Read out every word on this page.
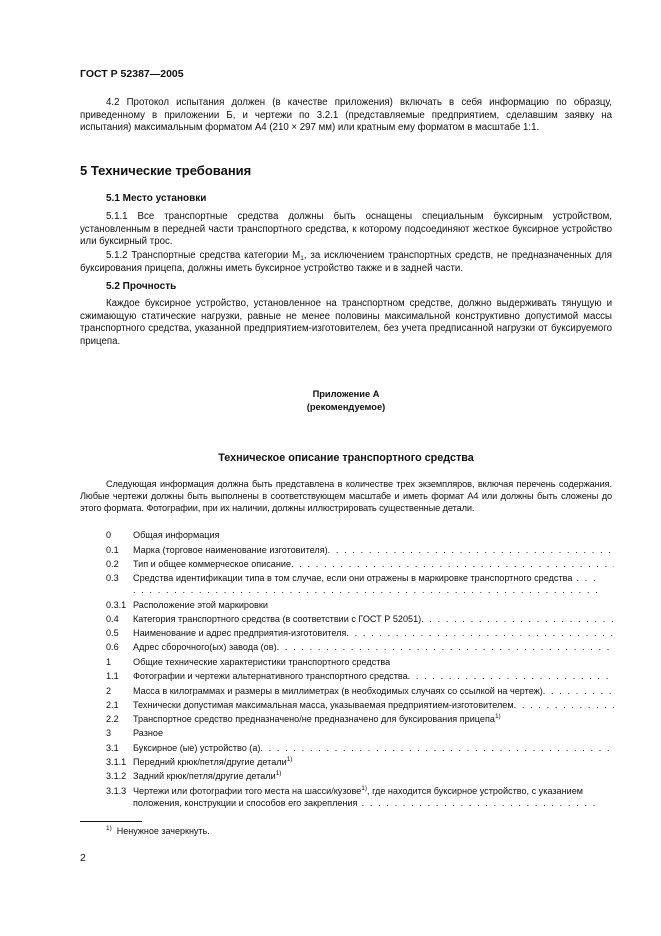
ГОСТ Р 52387—2005
4.2 Протокол испытания должен (в качестве приложения) включать в себя информацию по образцу, приведенному в приложении Б, и чертежи по 3.2.1 (представляемые предприятием, сделавшим заявку на испытания) максимальным форматом А4 (210 × 297 мм) или кратным ему форматом в масштабе 1:1.
5 Технические требования
5.1 Место установки
5.1.1 Все транспортные средства должны быть оснащены специальным буксирным устройством, установленным в передней части транспортного средства, к которому подсоединяют жесткое буксирное устройство или буксирный трос.
5.1.2 Транспортные средства категории $М_1$, за исключением транспортных средств, не предназначенных для буксирования прицепа, должны иметь буксирное устройство также и в задней части.
5.2 Прочность
Каждое буксирное устройство, установленное на транспортном средстве, должно выдерживать тянущую и сжимающую статические нагрузки, равные не менее половины максимальной конструктивно допустимой массы транспортного средства, указанной предприятием-изготовителем, без учета предписанной нагрузки от буксируемого прицепа.
Приложение А
(рекомендуемое)
Техническое описание транспортного средства
Следующая информация должна быть представлена в количестве трех экземпляров, включая перечень содержания. Любые чертежи должны быть выполнены в соответствующем масштабе и иметь формат А4 или должны быть сложены до этого формата. Фотографии, при их наличии, должны иллюстрировать существенные детали.
0 Общая информация
0.1 Марка (торговое наименование изготовителя)
. . .
0.2 Тип и общее коммерческое описание
. . .
0.3 Средства идентификации типа в том случае, если они отражены в маркировке транспортного средства . . . . . . . . . . . . . . . . . . . . . . . . . . . . . . . . . . . . . . . . . . . . . . . . . . . . . . . . . . . .
0.3.1 Расположение этой маркировки
0.4 Категория транспортного средства (в соответствии с ГОСТ Р 52051)
. . .
0.5 Наименование и адрес предприятия-изготовителя
. . .
0.6 Адрес сборочного(ых) завода (ов)
. . .
1 Общие технические характеристики транспортного средства
1.1 Фотографии и чертежи альтернативного транспортного средства
. . .
2 Масса в килограммах и размеры в миллиметрах (в необходимых случаях со ссылкой на чертеж)
. . .
2.1 Технически допустимая максимальная масса, указываемая предприятием-изготовителем
. . .
2.2 Транспортное средство предназначено/не предназначено для буксирования прицепа$^{1)}$
3 Разное
3.1 Буксирное (ые) устройство (а)
. . .
3.1.1 Передний крюк/петля/другие детали$^{1)}$
3.1.2 Задний крюк/петля/другие детали$^{1)}$
3.1.3 Чертежи или фотографии того места на шасси/кузове$^{1)}$, где находится буксирное устройство, с указанием положения, конструкции и способов его закрепления . . . . . . . . . . . . . . . . . . . . . . . . . . . . .
$^{1)}$ Ненужное зачеркнуть.
2
